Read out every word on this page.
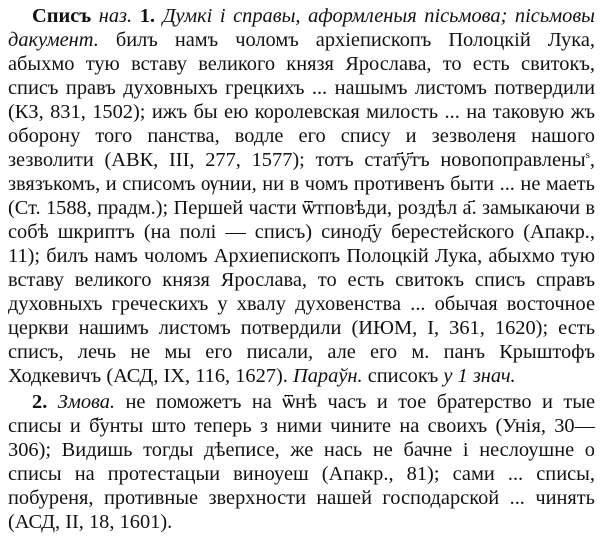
Списъ наз. 1. Думкі і справы, аформленыя пісьмова; пісьмовы дакумент. билъ намъ чоломъ архіепископъ Полоцкій Лука, абыхмо тую вставу великого князя Ярослава, то есть свитокъ, списъ правъ духовныхъ грецкихъ ... нашымъ листомъ потвердили (КЗ, 831, 1502); ижъ бы ею королевская милость ... на таковую жъ оборону того панства, водле его спису и зезволеня нашого зезволити (АВК, III, 277, 1577); тотъ стат҃у҃тъ новопоправлены$^s$, звязъкомъ, и списомъ ѹнии, ни в чомъ противенъ быти ... не маеть (Ст. 1588, прадм.); Першей части ѿтповѣди, роздѣл а҃. замыкаючи в собѣ шкриптъ (на полі — списъ) синод҃у берестейского (Апакр., 11); билъ намъ чоломъ Архиепископъ Полоцкій Лука, абыхмо тую вставу великого князя Ярослава, то есть свитокъ списъ справъ духовныхъ греческихъ у хвалу духовенства ... обычая восточное церкви нашимъ листомъ потвердили (ИЮМ, I, 361, 1620); есть списъ, лечь не мы его писали, але его м. панъ Крыштофъ Ходкевичъ (АСД, IX, 116, 1627). Параўн. списокъ у 1 знач.

2. Змова. не поможетъ на ѿнѣ часъ и тое братерство и тые списы и б҃унты што теперь з ними чините на своихъ (Унія, 30—306); Видишь тогды дѣеписе, же нась не бачне і неслоушне о списы на протестацыи виноуеш (Апакр., 81); сами ... списы, побуреня, противные зверхности нашей господарской ... чинять (АСД, II, 18, 1601).
